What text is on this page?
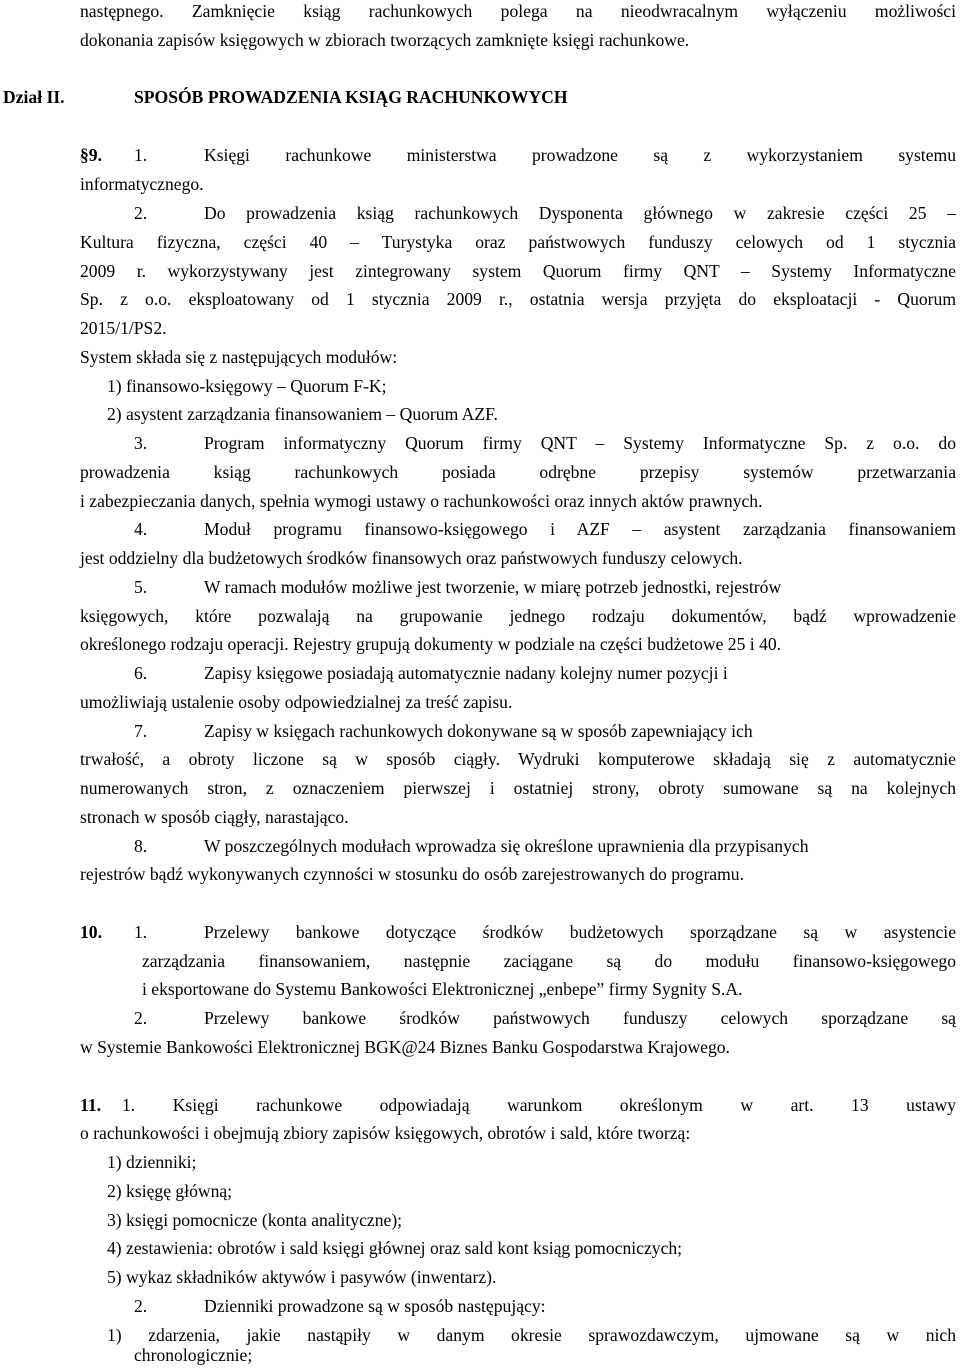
następnego. Zamknięcie ksiąg rachunkowych polega na nieodwracalnym wyłączeniu możliwości
dokonania zapisów księgowych w zbiorach tworzących zamknięte księgi rachunkowe.
Dział II.	SPOSÓB PROWADZENIA KSIĄG RACHUNKOWYCH
§9. 1.	Księgi rachunkowe ministerstwa prowadzone są z wykorzystaniem systemu
informatycznego.
2.	Do prowadzenia ksiąg rachunkowych Dysponenta głównego w zakresie części 25 –
Kultura fizyczna, części 40 – Turystyka oraz państwowych funduszy celowych od 1 stycznia
2009 r. wykorzystywany jest zintegrowany system Quorum firmy QNT – Systemy Informatyczne
Sp. z o.o. eksploatowany od 1 stycznia 2009 r., ostatnia wersja przyjęta do eksploatacji - Quorum
2015/1/PS2.
System składa się z następujących modułów:
1) finansowo-księgowy – Quorum F-K;
2) asystent zarządzania finansowaniem – Quorum AZF.
3.	Program informatyczny Quorum firmy QNT – Systemy Informatyczne Sp. z o.o. do
prowadzenia ksiąg rachunkowych posiada odrębne przepisy systemów przetwarzania
i zabezpieczania danych, spełnia wymogi ustawy o rachunkowości oraz innych aktów prawnych.
4.	Moduł programu finansowo-księgowego i AZF – asystent zarządzania finansowaniem
jest oddzielny dla budżetowych środków finansowych oraz państwowych funduszy celowych.
5.	W ramach modułów możliwe jest tworzenie, w miarę potrzeb jednostki, rejestrów
księgowych, które pozwalają na grupowanie jednego rodzaju dokumentów, bądź wprowadzenie
określonego rodzaju operacji. Rejestry grupują dokumenty w podziale na części budżetowe 25 i 40.
6.	Zapisy księgowe posiadają automatycznie nadany kolejny numer pozycji i
umożliwiają ustalenie osoby odpowiedzialnej za treść zapisu.
7.	Zapisy w księgach rachunkowych dokonywane są w sposób zapewniający ich
trwałość, a obroty liczone są w sposób ciągły. Wydruki komputerowe składają się z automatycznie
numerowanych stron, z oznaczeniem pierwszej i ostatniej strony, obroty sumowane są na kolejnych
stronach w sposób ciągły, narastająco.
8.	W poszczególnych modułach wprowadza się określone uprawnienia dla przypisanych
rejestrów bądź wykonywanych czynności w stosunku do osób zarejestrowanych do programu.
10. 1.	Przelewy bankowe dotyczące środków budżetowych sporządzane są w asystencie
zarządzania finansowaniem, następnie zaciągane są do modułu finansowo-księgowego
i eksportowane do Systemu Bankowości Elektronicznej „enbepe” firmy Sygnity S.A.
2.	Przelewy bankowe środków państwowych funduszy celowych sporządzane są
w Systemie Bankowości Elektronicznej BGK@24 Biznes Banku Gospodarstwa Krajowego.
11. 1. Księgi rachunkowe odpowiadają warunkom określonym w art. 13 ustawy
o rachunkowości i obejmują zbiory zapisów księgowych, obrotów i sald, które tworzą:
1) dzienniki;
2) księgę główną;
3) księgi pomocnicze (konta analityczne);
4) zestawienia: obrotów i sald księgi głównej oraz sald kont ksiąg pomocniczych;
5) wykaz składników aktywów i pasywów (inwentarz).
2.	Dzienniki prowadzone są w sposób następujący:
1) zdarzenia, jakie nastąpiły w danym okresie sprawozdawczym, ujmowane są w nich
chronologicznie;
